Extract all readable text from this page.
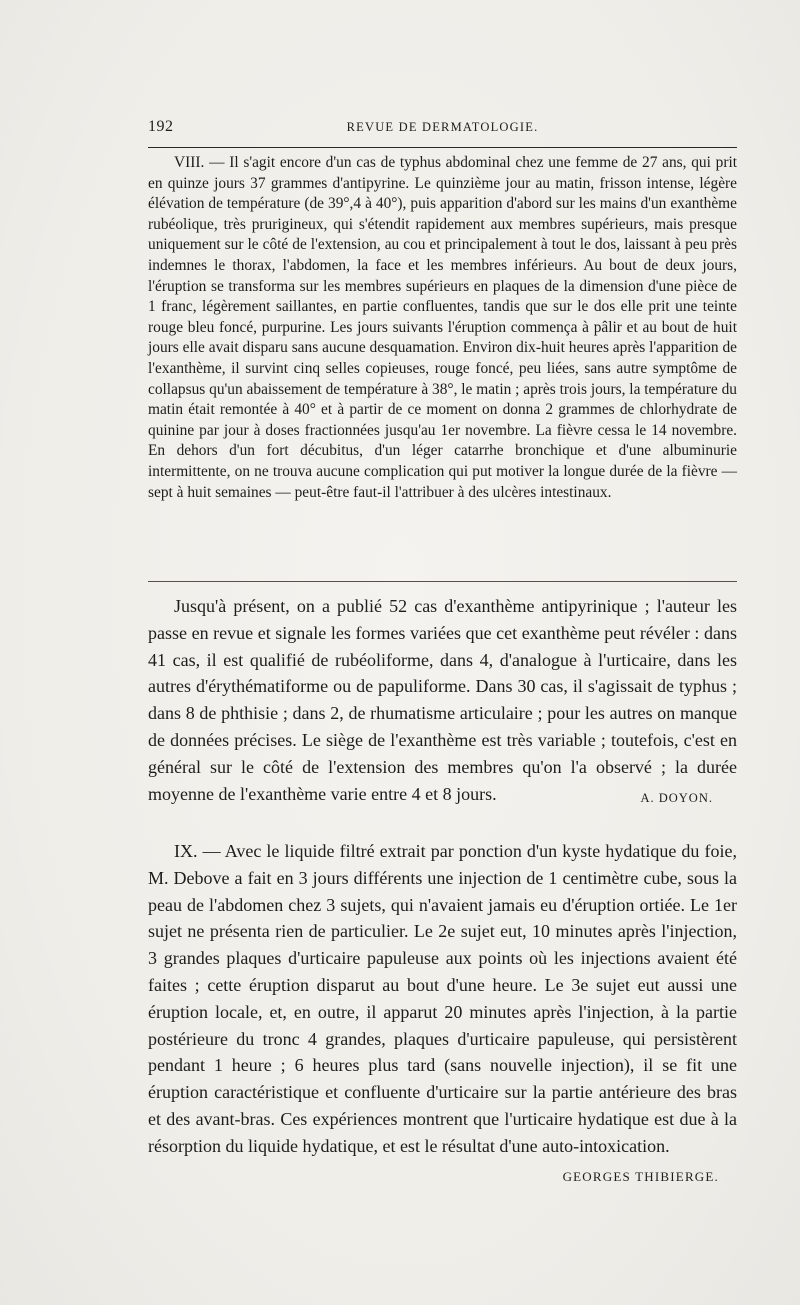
192	REVUE DE DERMATOLOGIE.

VIII. — Il s'agit encore d'un cas de typhus abdominal chez une femme de 27 ans, qui prit en quinze jours 37 grammes d'antipyrine. Le quinzième jour au matin, frisson intense, légère élévation de température (de 39°,4 à 40°), puis apparition d'abord sur les mains d'un exanthème rubéolique, très prurigineux, qui s'étendit rapidement aux membres supérieurs, mais presque uniquement sur le côté de l'extension, au cou et principalement à tout le dos, laissant à peu près indemnes le thorax, l'abdomen, la face et les membres inférieurs. Au bout de deux jours, l'éruption se transforma sur les membres supérieurs en plaques de la dimension d'une pièce de 1 franc, légèrement saillantes, en partie confluentes, tandis que sur le dos elle prit une teinte rouge bleu foncé, purpurine. Les jours suivants l'éruption commença à pâlir et au bout de huit jours elle avait disparu sans aucune desquamation. Environ dix-huit heures après l'apparition de l'exanthème, il survint cinq selles copieuses, rouge foncé, peu liées, sans autre symptôme de collapsus qu'un abaissement de température à 38°, le matin ; après trois jours, la température du matin était remontée à 40° et à partir de ce moment on donna 2 grammes de chlorhydrate de quinine par jour à doses fractionnées jusqu'au 1er novembre. La fièvre cessa le 14 novembre. En dehors d'un fort décubitus, d'un léger catarrhe bronchique et d'une albuminurie intermittente, on ne trouva aucune complication qui put motiver la longue durée de la fièvre — sept à huit semaines — peut-être faut-il l'attribuer à des ulcères intestinaux.

Jusqu'à présent, on a publié 52 cas d'exanthème antipyrinique ; l'auteur les passe en revue et signale les formes variées que cet exanthème peut révéler : dans 41 cas, il est qualifié de rubéoliforme, dans 4, d'analogue à l'urticaire, dans les autres d'érythématiforme ou de papuliforme. Dans 30 cas, il s'agissait de typhus ; dans 8 de phthisie ; dans 2, de rhumatisme articulaire ; pour les autres on manque de données précises. Le siège de l'exanthème est très variable ; toutefois, c'est en général sur le côté de l'extension des membres qu'on l'a observé ; la durée moyenne de l'exanthème varie entre 4 et 8 jours.	A. DOYON.

IX. — Avec le liquide filtré extrait par ponction d'un kyste hydatique du foie, M. Debove a fait en 3 jours différents une injection de 1 centimètre cube, sous la peau de l'abdomen chez 3 sujets, qui n'avaient jamais eu d'éruption ortiée. Le 1er sujet ne présenta rien de particulier. Le 2e sujet eut, 10 minutes après l'injection, 3 grandes plaques d'urticaire papuleuse aux points où les injections avaient été faites ; cette éruption disparut au bout d'une heure. Le 3e sujet eut aussi une éruption locale, et, en outre, il apparut 20 minutes après l'injection, à la partie postérieure du tronc 4 grandes, plaques d'urticaire papuleuse, qui persistèrent pendant 1 heure ; 6 heures plus tard (sans nouvelle injection), il se fit une éruption caractéristique et confluente d'urticaire sur la partie antérieure des bras et des avant-bras. Ces expériences montrent que l'urticaire hydatique est due à la résorption du liquide hydatique, et est le résultat d'une auto-intoxication.
GEORGES THIBIERGE.
